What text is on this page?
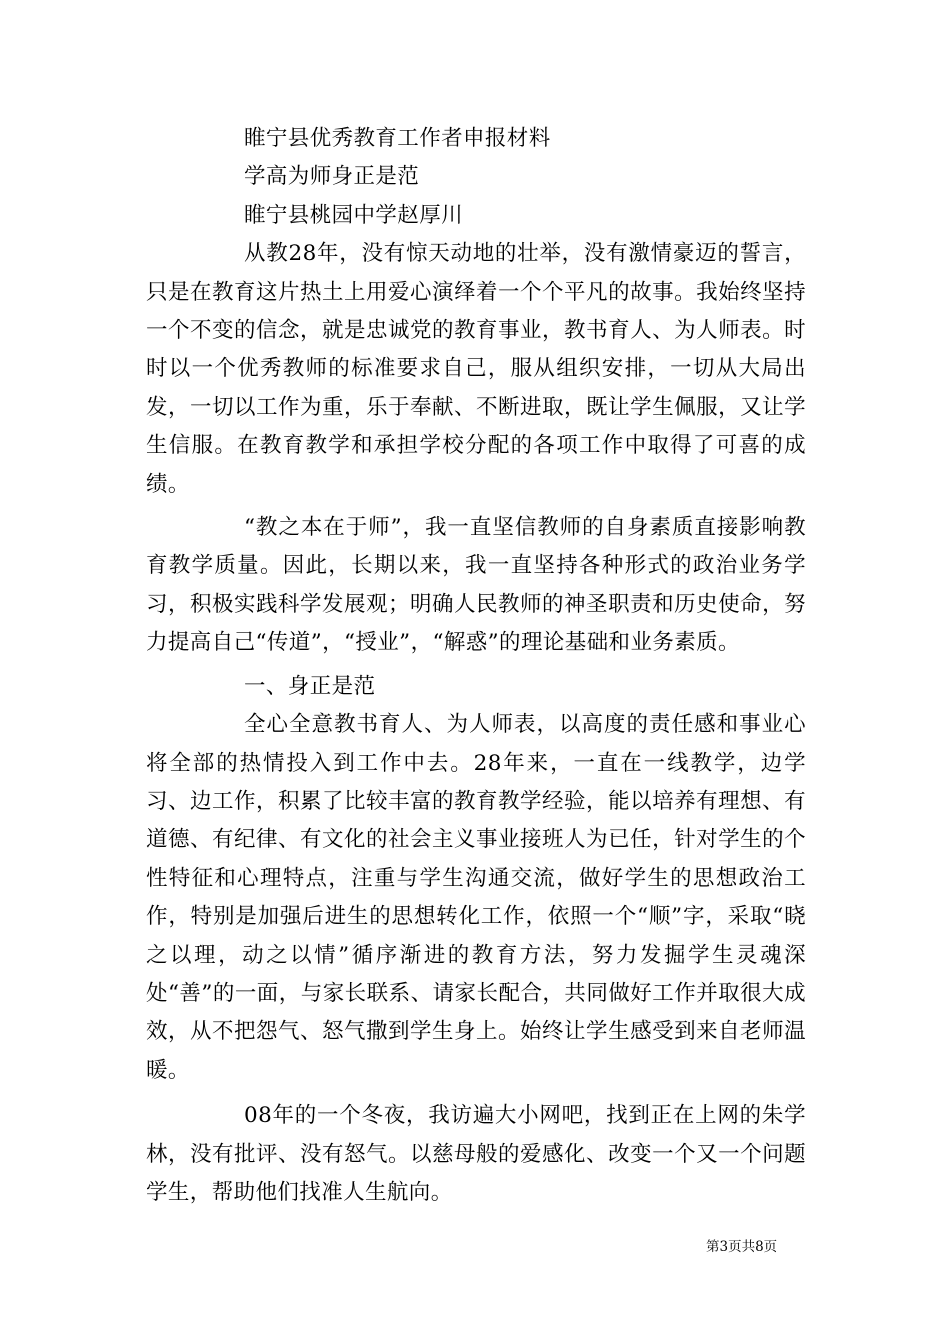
睢宁县优秀教育工作者申报材料

学高为师身正是范

睢宁县桃园中学赵厚川

从教28年，没有惊天动地的壮举，没有激情豪迈的誓言，只是在教育这片热土上用爱心演绎着一个个平凡的故事。我始终坚持一个不变的信念，就是忠诚党的教育事业，教书育人、为人师表。时时以一个优秀教师的标准要求自己，服从组织安排，一切从大局出发，一切以工作为重，乐于奉献、不断进取，既让学生佩服，又让学生信服。在教育教学和承担学校分配的各项工作中取得了可喜的成绩。

“教之本在于师”，我一直坚信教师的自身素质直接影响教育教学质量。因此，长期以来，我一直坚持各种形式的政治业务学习，积极实践科学发展观；明确人民教师的神圣职责和历史使命，努力提高自己“传道”，“授业”，“解惑”的理论基础和业务素质。

一、身正是范

全心全意教书育人、为人师表，以高度的责任感和事业心将全部的热情投入到工作中去。28年来，一直在一线教学，边学习、边工作，积累了比较丰富的教育教学经验，能以培养有理想、有道德、有纪律、有文化的社会主义事业接班人为已任，针对学生的个性特征和心理特点，注重与学生沟通交流，做好学生的思想政治工作，特别是加强后进生的思想转化工作，依照一个“顺”字，采取“晓之以理，动之以情”循序渐进的教育方法，努力发掘学生灵魂深处“善”的一面，与家长联系、请家长配合，共同做好工作并取很大成效，从不把怨气、怒气撒到学生身上。始终让学生感受到来自老师温暖。

08年的一个冬夜，我访遍大小网吧，找到正在上网的朱学林，没有批评、没有怒气。以慈母般的爱感化、改变一个又一个问题学生，帮助他们找准人生航向。

第3页共8页
